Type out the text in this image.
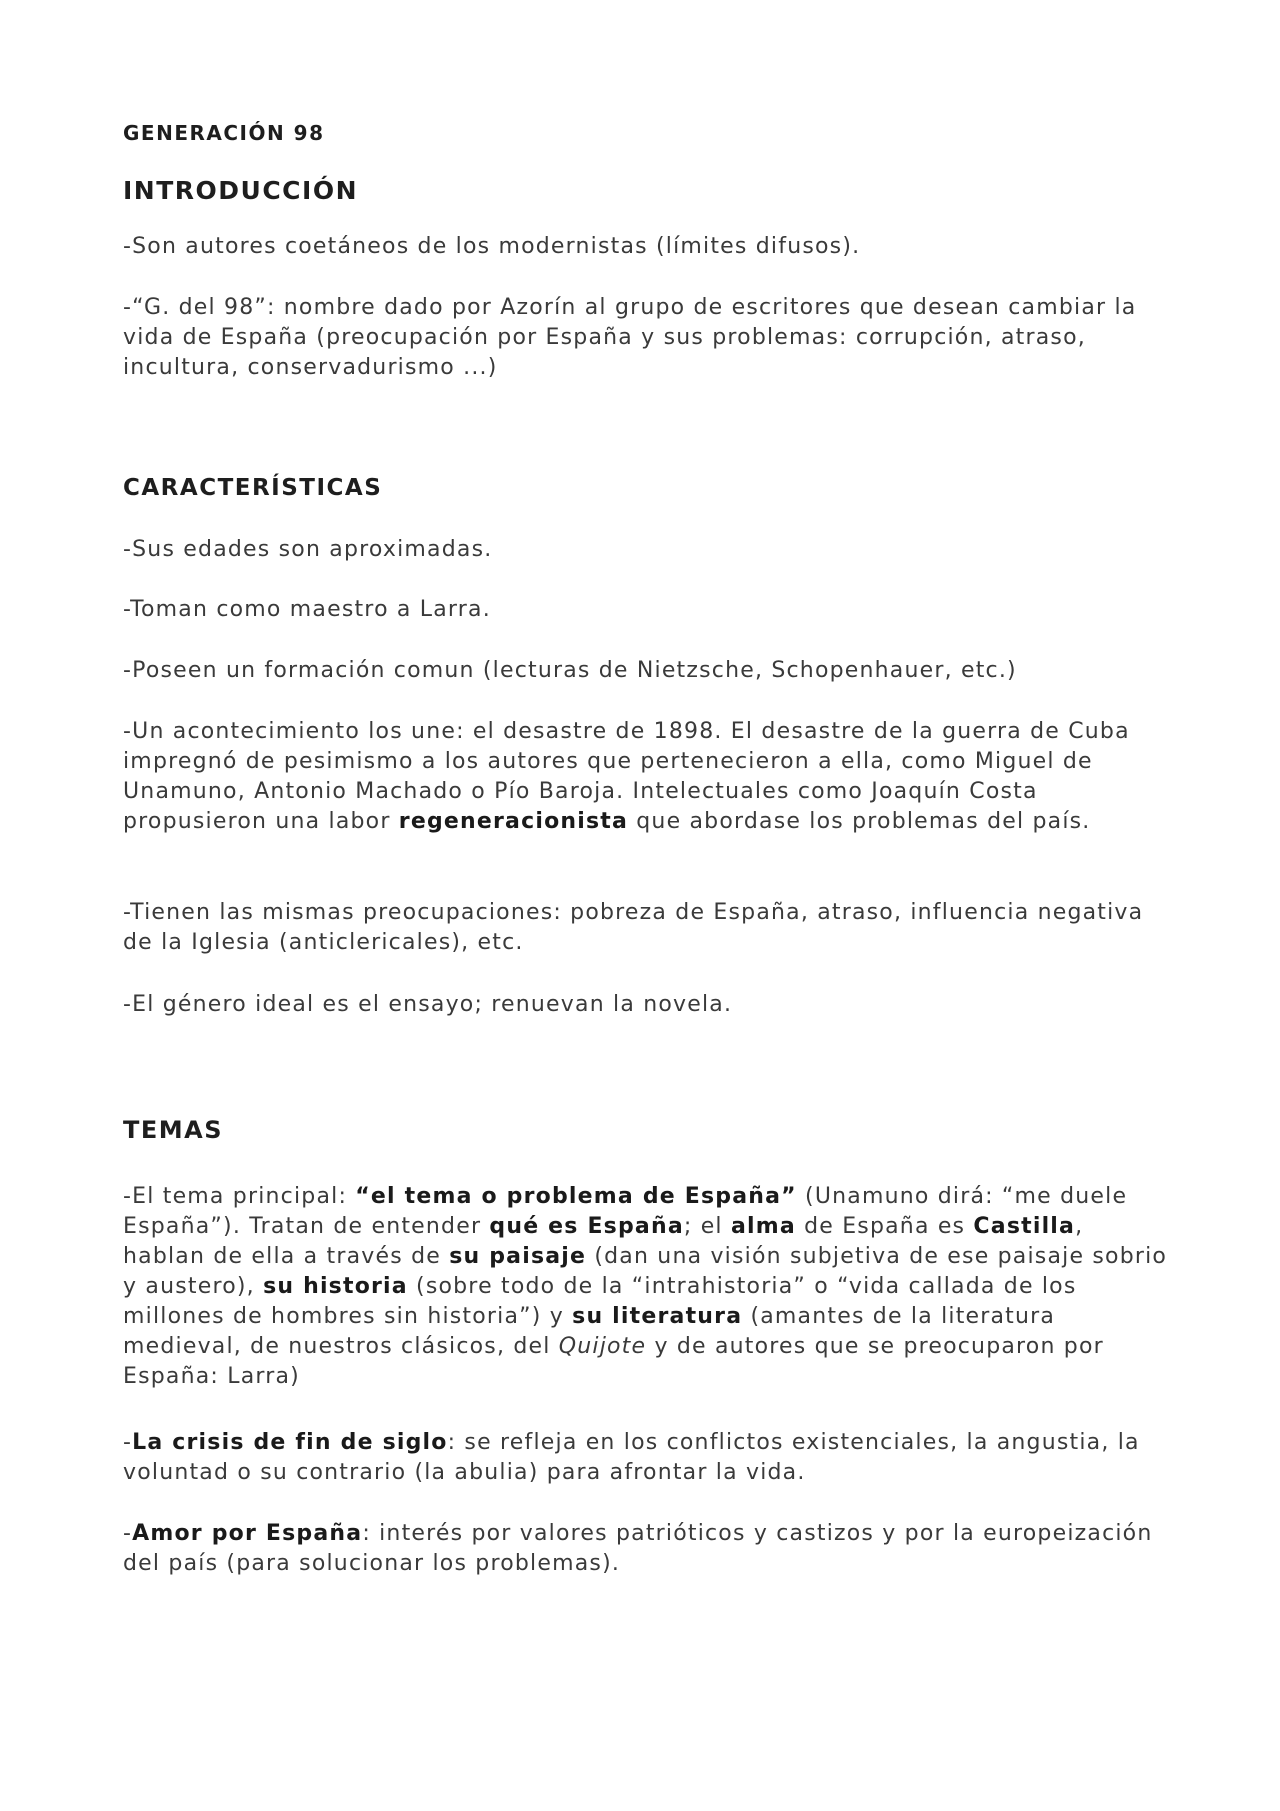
GENERACIÓN 98
INTRODUCCIÓN

-Son autores coetáneos de los modernistas (límites difusos).

-“G. del 98”: nombre dado por Azorín al grupo de escritores que desean cambiar la vida de España (preocupación por España y sus problemas: corrupción, atraso, incultura, conservadurismo ...)

CARACTERÍSTICAS

-Sus edades son aproximadas.

-Toman como maestro a Larra.

-Poseen un formación comun (lecturas de Nietzsche, Schopenhauer, etc.)

-Un acontecimiento los une: el desastre de 1898. El desastre de la guerra de Cuba impregnó de pesimismo a los autores que pertenecieron a ella, como Miguel de Unamuno, Antonio Machado o Pío Baroja. Intelectuales como Joaquín Costa propusieron una labor regeneracionista que abordase los problemas del país.

-Tienen las mismas preocupaciones: pobreza de España, atraso, influencia negativa de la Iglesia (anticlericales), etc.

-El género ideal es el ensayo; renuevan la novela.

TEMAS

-El tema principal: “el tema o problema de España” (Unamuno dirá: “me duele España”). Tratan de entender qué es España; el alma de España es Castilla, hablan de ella a través de su paisaje (dan una visión subjetiva de ese paisaje sobrio y austero), su historia (sobre todo de la “intrahistoria” o “vida callada de los millones de hombres sin historia”) y su literatura (amantes de la literatura medieval, de nuestros clásicos, del Quijote y de autores que se preocuparon por España: Larra)

-La crisis de fin de siglo: se refleja en los conflictos existenciales, la angustia, la voluntad o su contrario (la abulia) para afrontar la vida.

-Amor por España: interés por valores patrióticos y castizos y por la europeización del país (para solucionar los problemas).
